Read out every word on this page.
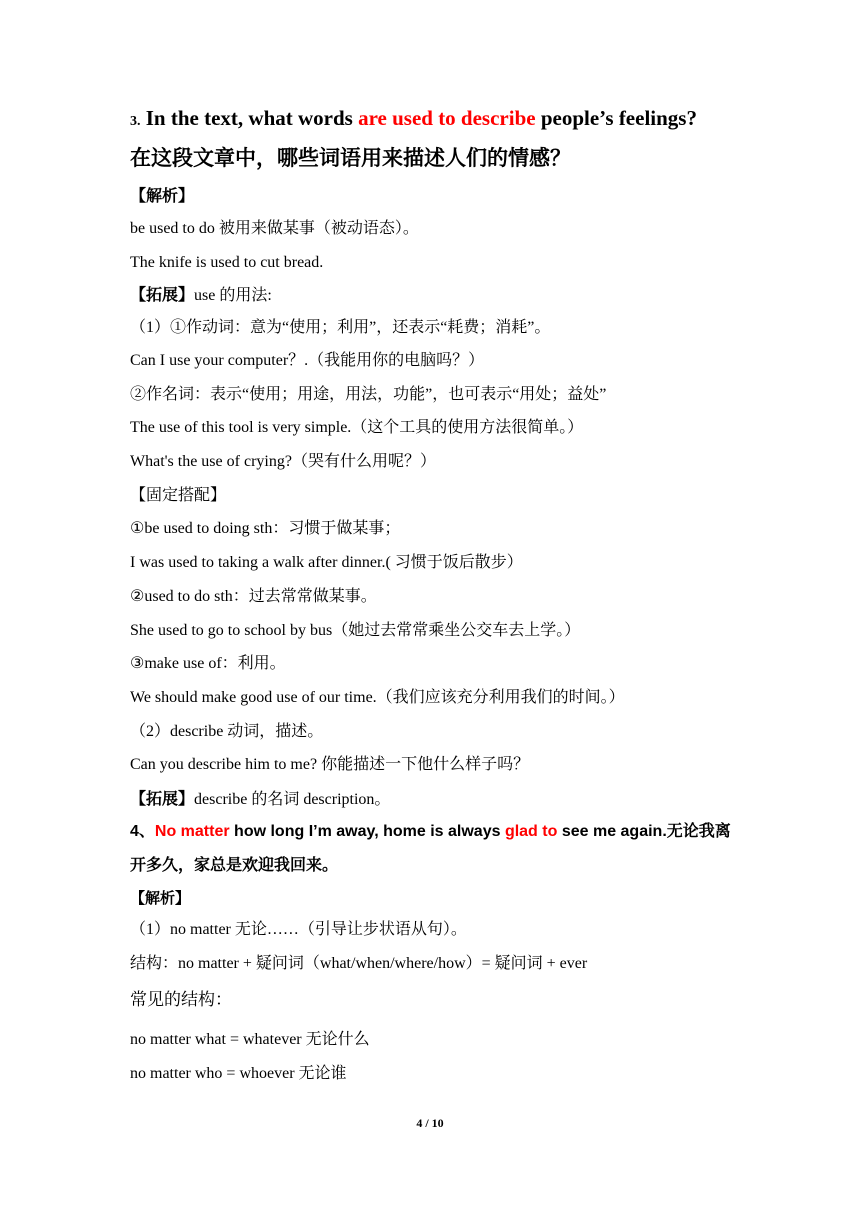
3. In the text, what words are used to describe people’s feelings?
在这段文章中，哪些词语用来描述人们的情感？
【解析】
be used to do 被用来做某事（被动语态）。
The knife is used to cut bread.
【拓展】use 的用法:
（1）①作动词：意为“使用；利用”，还表示“耗费；消耗”。
Can I use your computer？.（我能用你的电脑吗？）
②作名词：表示“使用；用途，用法，功能”，也可表示“用处；益处”
The use of this tool is very simple.（这个工具的使用方法很简单。）
What's the use of crying?（哭有什么用呢？）
【固定搭配】
①be used to doing sth：习惯于做某事；
I was used to taking a walk after dinner.( 习惯于饭后散步）
②used to do sth：过去常常做某事。
She used to go to school by bus（她过去常常乘坐公交车去上学。）
③make use of：利用。
We should make good use of our time.（我们应该充分利用我们的时间。）
（2）describe 动词，描述。
Can you describe him to me? 你能描述一下他什么样子吗？
【拓展】describe 的名词 description。
4、No matter how long I’m away, home is always glad to see me again.无论我离
开多久，家总是欢迎我回来。
【解析】
（1）no matter 无论……（引导让步状语从句）。
结构：no matter + 疑问词（what/when/where/how）= 疑问词 + ever
常见的结构：
no matter what = whatever 无论什么
no matter who = whoever 无论谁
4 / 10
